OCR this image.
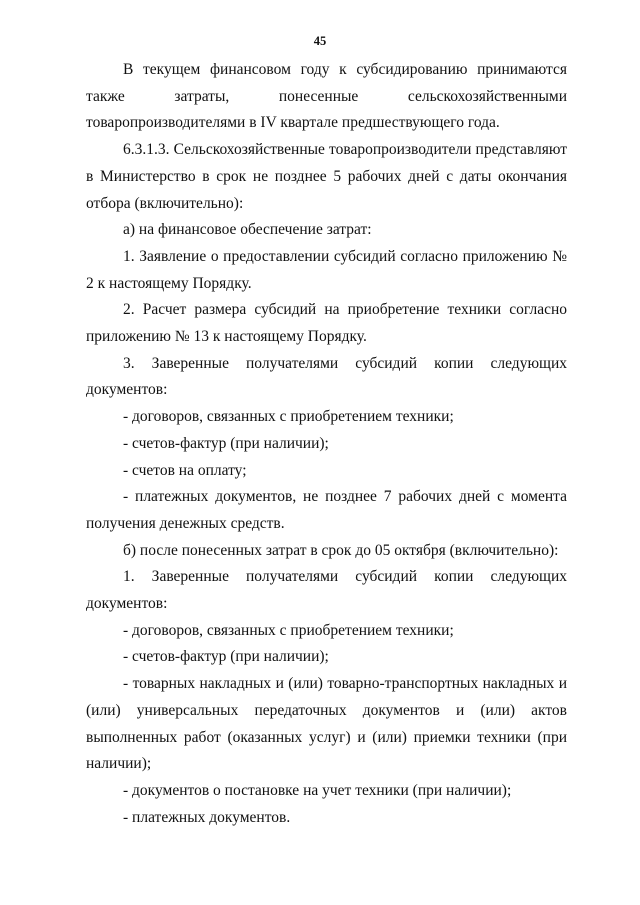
45

В текущем финансовом году к субсидированию принимаются также затраты, понесенные сельскохозяйственными товаропроизводителями в IV квартале предшествующего года.

6.3.1.3. Сельскохозяйственные товаропроизводители представляют в Министерство в срок не позднее 5 рабочих дней с даты окончания отбора (включительно):

а) на финансовое обеспечение затрат:

1. Заявление о предоставлении субсидий согласно приложению № 2 к настоящему Порядку.

2. Расчет размера субсидий на приобретение техники согласно приложению № 13 к настоящему Порядку.

3. Заверенные получателями субсидий копии следующих документов:

- договоров, связанных с приобретением техники;

- счетов-фактур (при наличии);

- счетов на оплату;

- платежных документов, не позднее 7 рабочих дней с момента получения денежных средств.

б) после понесенных затрат в срок до 05 октября (включительно):

1. Заверенные получателями субсидий копии следующих документов:

- договоров, связанных с приобретением техники;

- счетов-фактур (при наличии);

- товарных накладных и (или) товарно-транспортных накладных и (или) универсальных передаточных документов и (или) актов выполненных работ (оказанных услуг) и (или) приемки техники (при наличии);

- документов о постановке на учет техники (при наличии);

- платежных документов.
